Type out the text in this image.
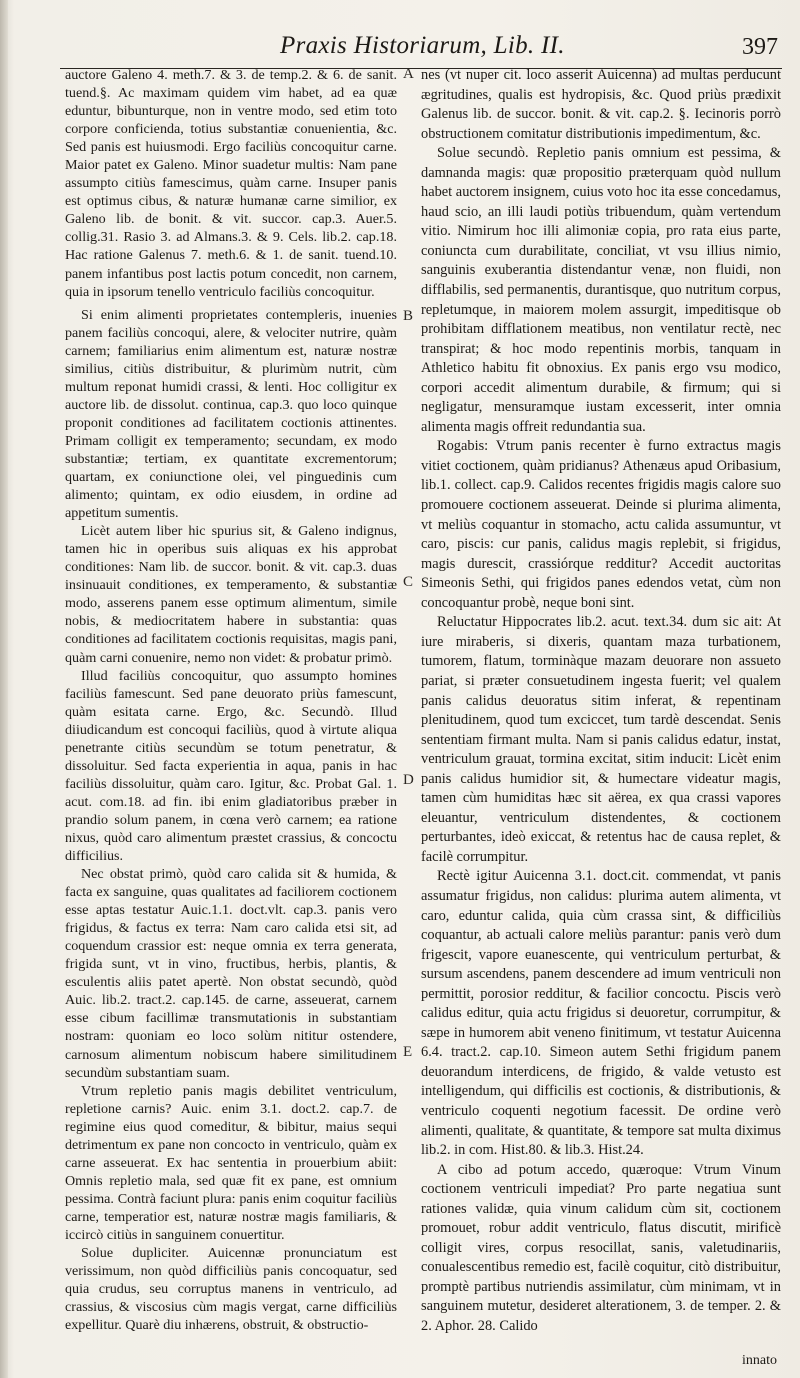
Praxis Historiarum, Lib. II.	397

auctore Galeno 4. meth.7. & 3. de temp.2. & 6. de sanit. tuend.§. Ac maximam quidem vim habet, ad ea quæ eduntur, bibunturque, non in ventre modo, sed etim toto corpore conficienda, totius substantiæ conuenientia, &c. Sed panis est huiusmodi. Ergo faciliùs concoquitur carne. Maior patet ex Galeno. Minor suadetur multis: Nam pane assumpto citiùs famescimus, quàm carne. Insuper panis est optimus cibus, & naturæ humanæ carne similior, ex Galeno lib. de bonit. & vit. succor. cap.3. Auer.5. collig.31. Rasio 3. ad Almans.3. & 9. Cels. lib.2. cap.18. Hac ratione Galenus 7. meth.6. & 1. de sanit. tuend.10. panem infantibus post lactis potum concedit, non carnem, quia in ipsorum tenello ventriculo faciliùs concoquitur.

Si enim alimenti proprietates contempleris, inuenies panem faciliùs concoqui, alere, & velociter nutrire, quàm carnem; familiarius enim alimentum est, naturæ nostræ similius, citiùs distribuitur, & plurimùm nutrit, cùm multum reponat humidi crassi, & lenti. Hoc colligitur ex auctore lib. de dissolut. continua, cap.3. quo loco quinque proponit conditiones ad facilitatem coctionis attinentes. Primam colligit ex temperamento; secundam, ex modo substantiæ; tertiam, ex quantitate excrementorum; quartam, ex coniunctione olei, vel pinguedinis cum alimento; quintam, ex odio eiusdem, in ordine ad appetitum sumentis.

Licèt autem liber hic spurius sit, & Galeno indignus, tamen hic in operibus suis aliquas ex his approbat conditiones: Nam lib. de succor. bonit. & vit. cap.3. duas insinuauit conditiones, ex temperamento, & substantiæ modo, asserens panem esse optimum alimentum, simile nobis, & mediocritatem habere in substantia: quas conditiones ad facilitatem coctionis requisitas, magis pani, quàm carni conuenire, nemo non videt: & probatur primò.

Illud faciliùs concoquitur, quo assumpto homines faciliùs famescunt. Sed pane deuorato priùs famescunt, quàm esitata carne. Ergo, &c. Secundò. Illud diiudicandum est concoqui faciliùs, quod à virtute aliqua penetrante citiùs secundùm se totum penetratur, & dissoluitur. Sed facta experientia in aqua, panis in hac faciliùs dissoluitur, quàm caro. Igitur, &c. Probat Gal. 1. acut. com.18. ad fin. ibi enim gladiatoribus præber in prandio solum panem, in cœna verò carnem; ea ratione nixus, quòd caro alimentum præstet crassius, & concoctu difficilius.

Nec obstat primò, quòd caro calida sit & humida, & facta ex sanguine, quas qualitates ad faciliorem coctionem esse aptas testatur Auic.1.1. doct.vlt. cap.3. panis vero frigidus, & factus ex terra: Nam caro calida etsi sit, ad coquendum crassior est: neque omnia ex terra generata, frigida sunt, vt in vino, fructibus, herbis, plantis, & esculentis aliis patet apertè. Non obstat secundò, quòd Auic. lib.2. tract.2. cap.145. de carne, asseuerat, carnem esse cibum facillimæ transmutationis in substantiam nostram: quoniam eo loco solùm nititur ostendere, carnosum alimentum nobiscum habere similitudinem secundùm substantiam suam.

Vtrum repletio panis magis debilitet ventriculum, repletione carnis? Auic. enim 3.1. doct.2. cap.7. de regimine eius quod comeditur, & bibitur, maius sequi detrimentum ex pane non concocto in ventriculo, quàm ex carne asseuerat. Ex hac sententia in prouerbium abiit: Omnis repletio mala, sed quæ fit ex pane, est omnium pessima. Contrà faciunt plura: panis enim coquitur faciliùs carne, temperatior est, naturæ nostræ magis familiaris, & iccircò citiùs in sanguinem conuertitur.

Solue dupliciter. Auicennæ pronunciatum est verissimum, non quòd difficiliùs panis concoquatur, sed quia crudus, seu corruptus manens in ventriculo, ad crassius, & viscosius cùm magis vergat, carne difficiliùs expellitur. Quarè diu inhærens, obstruit, & obstructio-

A
B
C
D
E

nes (vt nuper cit. loco asserit Auicenna) ad multas perducunt ægritudines, qualis est hydropisis, &c. Quod priùs prædixit Galenus lib. de succor. bonit. & vit. cap.2. §. Iecinoris porrò obstructionem comitatur distributionis impedimentum, &c.

Solue secundò. Repletio panis omnium est pessima, & damnanda magis: quæ propositio præterquam quòd nullum habet auctorem insignem, cuius voto hoc ita esse concedamus, haud scio, an illi laudi potiùs tribuendum, quàm vertendum vitio. Nimirum hoc illi alimoniæ copia, pro rata eius parte, coniuncta cum durabilitate, conciliat, vt vsu illius nimio, sanguinis exuberantia distendantur venæ, non fluidi, non difflabilis, sed permanentis, durantisque, quo nutritum corpus, repletumque, in maiorem molem assurgit, impeditisque ob prohibitam difflationem meatibus, non ventilatur rectè, nec transpirat; & hoc modo repentinis morbis, tanquam in Athletico habitu fit obnoxius. Ex panis ergo vsu modico, corpori accedit alimentum durabile, & firmum; qui si negligatur, mensuramque iustam excesserit, inter omnia alimenta magis offreit redundantia sua.

Rogabis: Vtrum panis recenter è furno extractus magis vitiet coctionem, quàm pridianus? Athenæus apud Oribasium, lib.1. collect. cap.9. Calidos recentes frigidis magis calore suo promouere coctionem asseuerat. Deinde si plurima alimenta, vt meliùs coquantur in stomacho, actu calida assumuntur, vt caro, piscis: cur panis, calidus magis replebit, si frigidus, magis durescit, crassiórque redditur? Accedit auctoritas Simeonis Sethi, qui frigidos panes edendos vetat, cùm non concoquantur probè, neque boni sint.

Reluctatur Hippocrates lib.2. acut. text.34. dum sic ait: At iure miraberis, si dixeris, quantam maza turbationem, tumorem, flatum, torminàque mazam deuorare non assueto pariat, si præter consuetudinem ingesta fuerit; vel qualem panis calidus deuoratus sitim inferat, & repentinam plenitudinem, quod tum exciccet, tum tardè descendat. Senis sententiam firmant multa. Nam si panis calidus edatur, instat, ventriculum grauat, tormina excitat, sitim inducit: Licèt enim panis calidus humidior sit, & humectare videatur magis, tamen cùm humiditas hæc sit aërea, ex qua crassi vapores eleuantur, ventriculum distendentes, & coctionem perturbantes, ideò exiccat, & retentus hac de causa replet, & facilè corrumpitur.

Rectè igitur Auicenna 3.1. doct.cit. commendat, vt panis assumatur frigidus, non calidus: plurima autem alimenta, vt caro, eduntur calida, quia cùm crassa sint, & difficiliùs coquantur, ab actuali calore meliùs parantur: panis verò dum frigescit, vapore euanescente, qui ventriculum perturbat, & sursum ascendens, panem descendere ad imum ventriculi non permittit, porosior redditur, & facilior concoctu. Piscis verò calidus editur, quia actu frigidus si deuoretur, corrumpitur, & sæpe in humorem abit veneno finitimum, vt testatur Auicenna 6.4. tract.2. cap.10. Simeon autem Sethi frigidum panem deuorandum interdicens, de frigido, & valde vetusto est intelligendum, qui difficilis est coctionis, & distributionis, & ventriculo coquenti negotium facessit. De ordine verò alimenti, qualitate, & quantitate, & tempore sat multa diximus lib.2. in com. Hist.80. & lib.3. Hist.24.

A cibo ad potum accedo, quæroque: Vtrum Vinum coctionem ventriculi impediat? Pro parte negatiua sunt rationes validæ, quia vinum calidum cùm sit, coctionem promouet, robur addit ventriculo, flatus discutit, mirificè colligit vires, corpus resocillat, sanis, valetudinariis, conualescentibus remedio est, facilè coquitur, citò distribuitur, promptè partibus nutriendis assimilatur, cùm minimam, vt in sanguinem mutetur, desideret alterationem, 3. de temper. 2. & 2. Aphor. 28. Calido

innato
